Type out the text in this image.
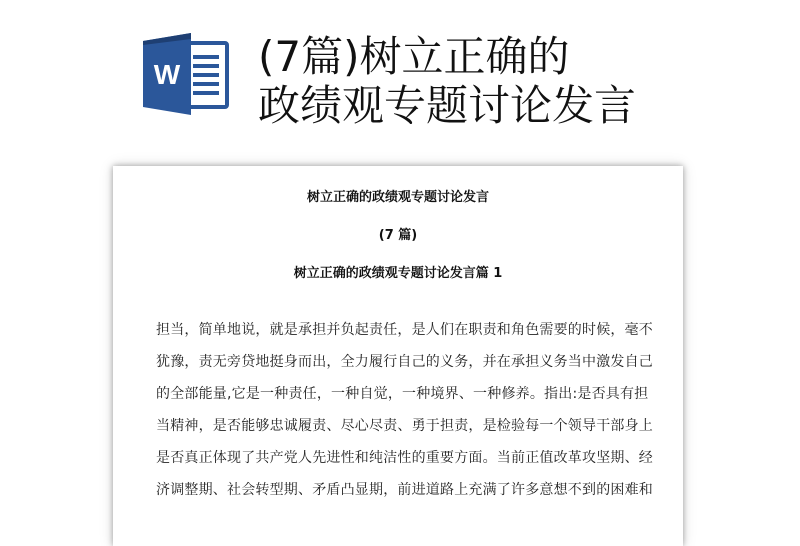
W (7篇)树立正确的
政绩观专题讨论发言
树立正确的政绩观专题讨论发言
(7 篇)
树立正确的政绩观专题讨论发言篇 1
担当，简单地说，就是承担并负起责任，是人们在职责和角色需要的时候，毫不
犹豫，责无旁贷地挺身而出，全力履行自己的义务，并在承担义务当中激发自己
的全部能量,它是一种责任，一种自觉，一种境界、一种修养。指出:是否具有担
当精神，是否能够忠诚履责、尽心尽责、勇于担责，是检验每一个领导干部身上
是否真正体现了共产党人先进性和纯洁性的重要方面。当前正值改革攻坚期、经
济调整期、社会转型期、矛盾凸显期，前进道路上充满了许多意想不到的困难和
